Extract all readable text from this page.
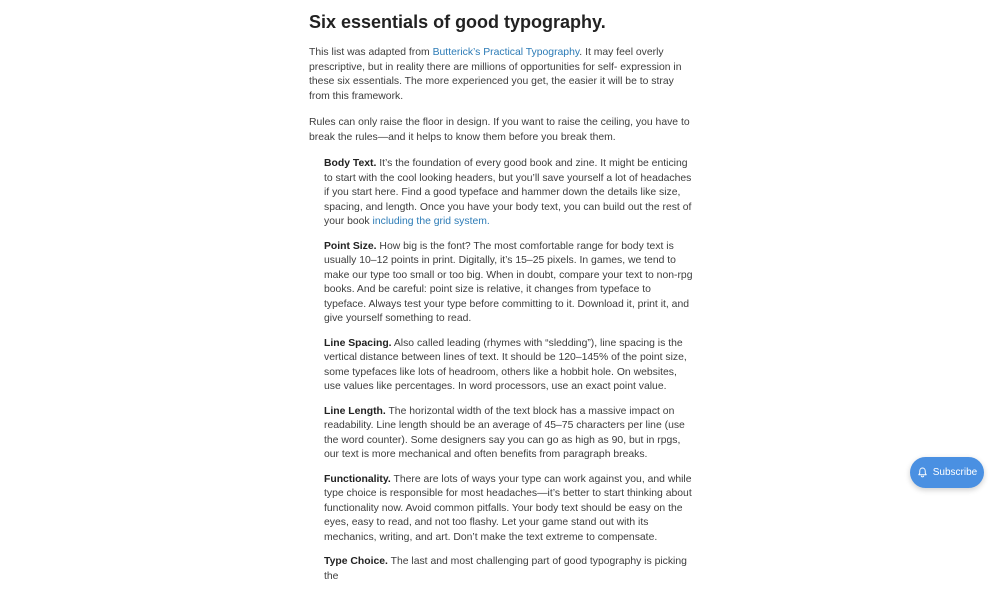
Six essentials of good typography.

This list was adapted from Butterick’s Practical Typography. It may feel overly prescriptive, but in reality there are millions of opportunities for self- expression in these six essentials. The more experienced you get, the easier it will be to stray from this framework.

Rules can only raise the floor in design. If you want to raise the ceiling, you have to break the rules—and it helps to know them before you break them.

Body Text. It’s the foundation of every good book and zine. It might be enticing to start with the cool looking headers, but you’ll save yourself a lot of headaches if you start here. Find a good typeface and hammer down the details like size, spacing, and length. Once you have your body text, you can build out the rest of your book including the grid system.
Point Size. How big is the font? The most comfortable range for body text is usually 10–12 points in print. Digitally, it’s 15–25 pixels. In games, we tend to make our type too small or too big. When in doubt, compare your text to non-rpg books. And be careful: point size is relative, it changes from typeface to typeface. Always test your type before committing to it. Download it, print it, and give yourself something to read.
Line Spacing. Also called leading (rhymes with “sledding”), line spacing is the vertical distance between lines of text. It should be 120–145% of the point size, some typefaces like lots of headroom, others like a hobbit hole. On websites, use values like percentages. In word processors, use an exact point value.
Line Length. The horizontal width of the text block has a massive impact on readability. Line length should be an average of 45–75 characters per line (use the word counter). Some designers say you can go as high as 90, but in rpgs, our text is more mechanical and often benefits from paragraph breaks.
Functionality. There are lots of ways your type can work against you, and while type choice is responsible for most headaches—it’s better to start thinking about functionality now. Avoid common pitfalls. Your body text should be easy on the eyes, easy to read, and not too flashy. Let your game stand out with its mechanics, writing, and art. Don’t make the text extreme to compensate.
Type Choice. The last and most challenging part of good typography is picking the
Subscribe
